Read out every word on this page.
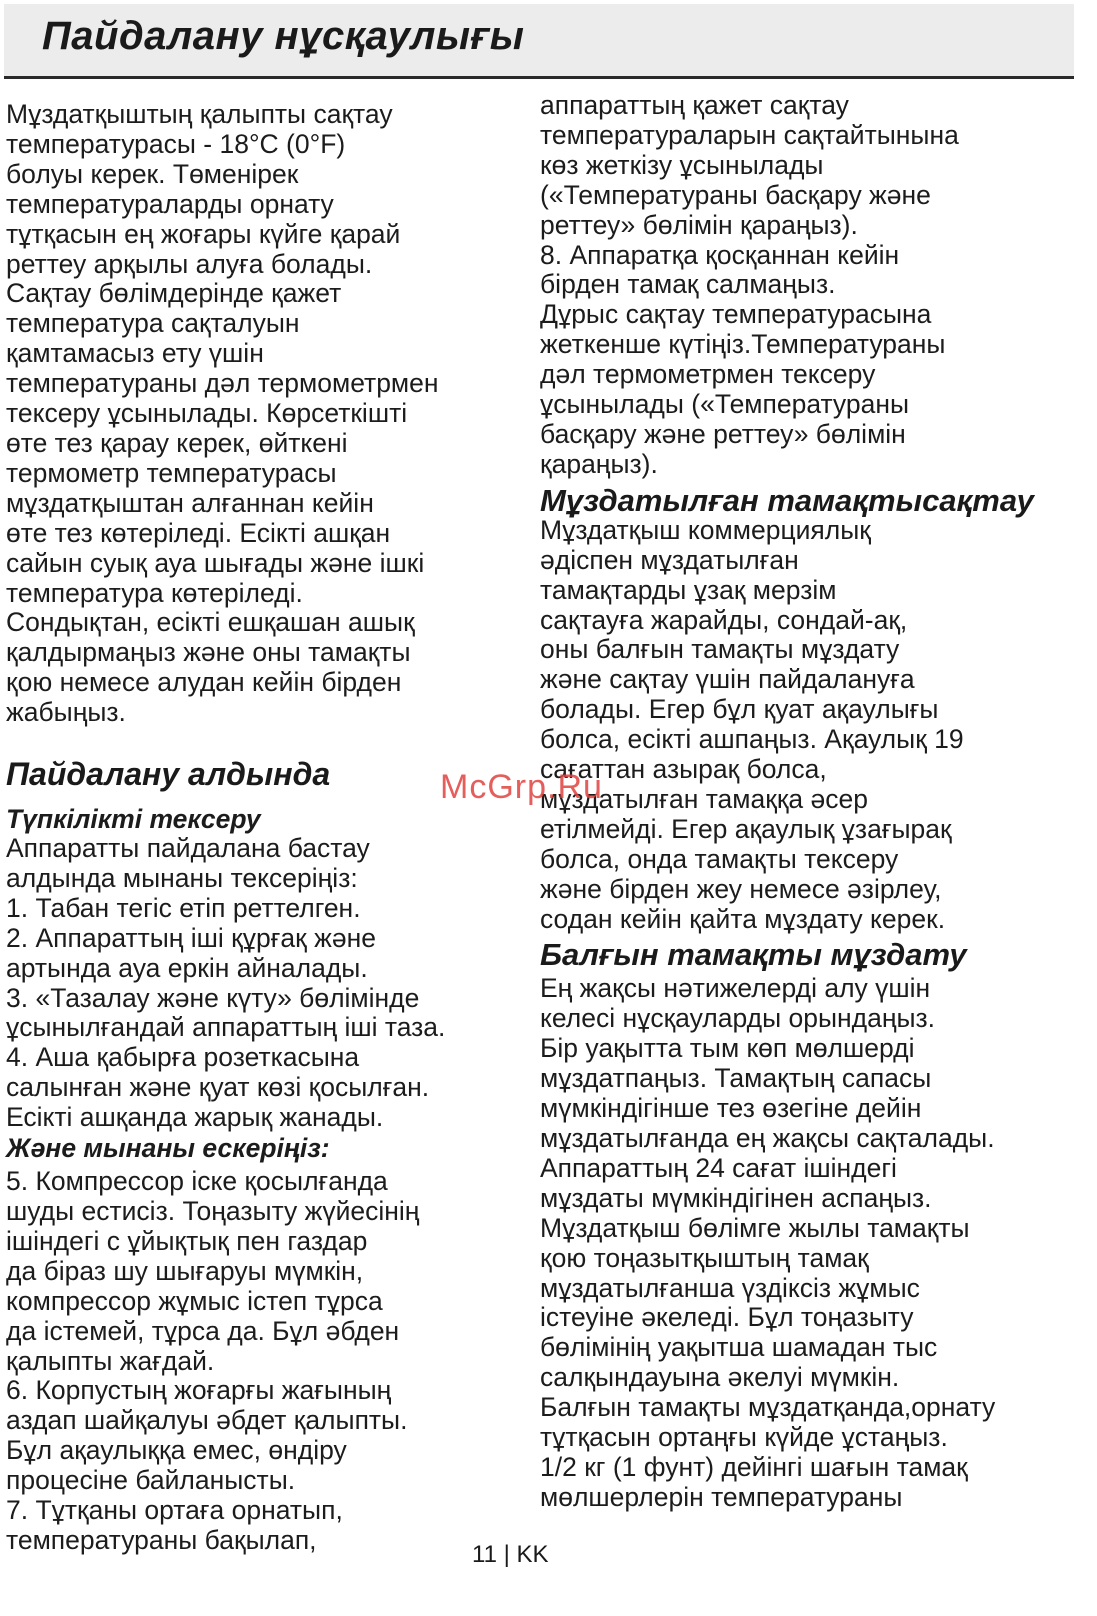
Пайдалану нұсқаулығы
Мұздатқыштың қалыпты сақтау
температурасы - 18°С (0°F)
болуы керек. Төменірек
температураларды орнату
тұтқасын ең жоғары күйге қарай
реттеу арқылы алуға болады.
Сақтау бөлімдерінде қажет
температура сақталуын
қамтамасыз ету үшін
температураны дәл термометрмен
тексеру ұсынылады. Көрсеткішті
өте тез қарау керек, өйткені
термометр температурасы
мұздатқыштан алғаннан кейін
өте тез көтеріледі. Есікті ашқан
сайын суық ауа шығады және ішкі
температура көтеріледі.
Сондықтан, есікті ешқашан ашық
қалдырмаңыз және оны тамақты
қою немесе алудан кейін бірден
жабыңыз.
Пайдалану алдында
Түпкілікті тексеру
Аппаратты пайдалана бастау
алдында мынаны тексеріңіз:
1. Табан тегіс етіп реттелген.
2. Аппараттың іші құрғақ және
артында ауа еркін айналады.
3. «Тазалау және күту» бөлімінде
ұсынылғандай аппараттың іші таза.
4. Аша қабырға розеткасына
салынған және қуат көзі қосылған.
Есікті ашқанда жарық жанады.
Және мынаны ескеріңіз:
5. Компрессор іске қосылғанда
шуды естисіз. Тоңазыту жүйесінің
ішіндегі с ұйықтық пен газдар
да біраз шу шығаруы мүмкін,
компрессор жұмыс істеп тұрса
да істемей, тұрса да. Бұл әбден
қалыпты жағдай.
6. Корпустың жоғарғы жағының
аздап шайқалуы әбдет қалыпты.
Бұл ақаулыққа емес, өндіру
процесіне байланысты.
7. Тұтқаны ортаға орнатып,
температураны бақылап,
аппараттың қажет сақтау
температураларын сақтайтынына
көз жеткізу ұсынылады
(«Температураны басқару және
реттеу» бөлімін қараңыз).
8. Аппаратқа қосқаннан кейін
бірден тамақ салмаңыз.
Дұрыс сақтау температурасына
жеткенше күтіңіз.Температураны
дәл термометрмен тексеру
ұсынылады («Температураны
басқару және реттеу» бөлімін
қараңыз).
Мұздатылған тамақтысақтау
Мұздатқыш коммерциялық
әдіспен мұздатылған
тамақтарды ұзақ мерзім
сақтауға жарайды, сондай-ақ,
оны балғын тамақты мұздату
және сақтау үшін пайдалануға
болады. Егер бұл қуат ақаулығы
болса, есікті ашпаңыз. Ақаулық 19
сағаттан азырақ болса,
мұздатылған тамаққа әсер
етілмейді. Егер ақаулық ұзағырақ
болса, онда тамақты тексеру
және бірден жеу немесе әзірлеу,
содан кейін қайта мұздату керек.
Балғын тамақты мұздату
Ең жақсы нәтижелерді алу үшін
келесі нұсқауларды орындаңыз.
Бір уақытта тым көп мөлшерді
мұздатпаңыз. Тамақтың сапасы
мүмкіндігінше тез өзегіне дейін
мұздатылғанда ең жақсы сақталады.
Аппараттың 24 сағат ішіндегі
мұздаты мүмкіндігінен аспаңыз.
Мұздатқыш бөлімге жылы тамақты
қою тоңазытқыштың тамақ
мұздатылғанша үздіксіз жұмыс
істеуіне әкеледі. Бұл тоңазыту
бөлімінің уақытша шамадан тыс
салқындауына әкелуі мүмкін.
Балғын тамақты мұздатқанда,орнату
тұтқасын ортаңғы күйде ұстаңыз.
1/2 кг (1 фунт) дейінгі шағын тамақ
мөлшерлерін температураны
McGrp.Ru
11 | KK
